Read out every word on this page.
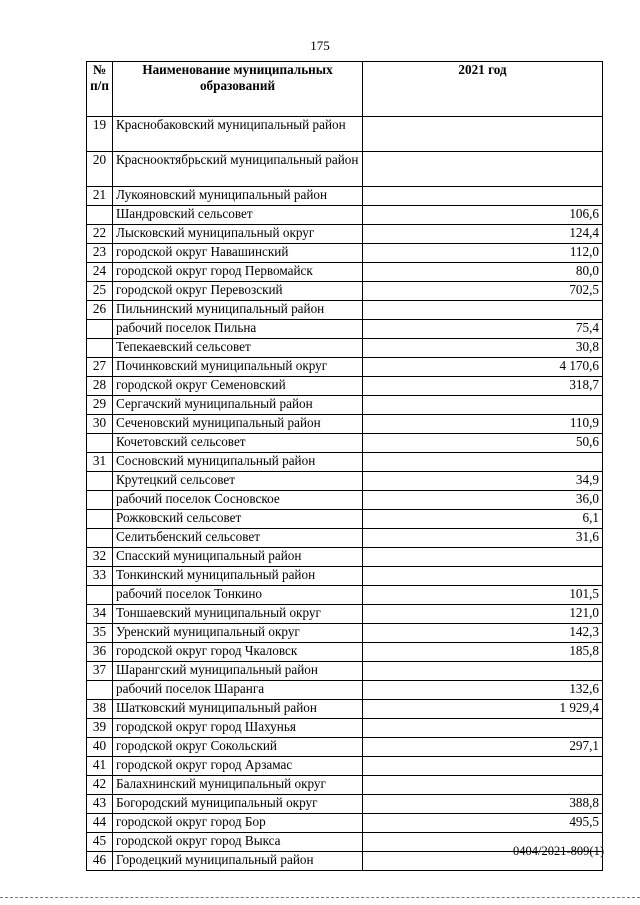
175
№ п/п	Наименование муниципальных образований	2021 год
19	Краснобаковский муниципальный район	
20	Краснооктябрьский муниципальный район	
21	Лукояновский муниципальный район	
	Шандровский сельсовет	106,6
22	Лысковский муниципальный округ	124,4
23	городской округ Навашинский	112,0
24	городской округ город Первомайск	80,0
25	городской округ Перевозский	702,5
26	Пильнинский муниципальный район	
	рабочий поселок Пильна	75,4
	Тепекаевский сельсовет	30,8
27	Починковский муниципальный округ	4 170,6
28	городской округ Семеновский	318,7
29	Сергачский муниципальный район	
30	Сеченовский муниципальный район	110,9
	Кочетовский сельсовет	50,6
31	Сосновский муниципальный район	
	Крутецкий сельсовет	34,9
	рабочий поселок Сосновское	36,0
	Рожковский сельсовет	6,1
	Селитьбенский сельсовет	31,6
32	Спасский муниципальный район	
33	Тонкинский муниципальный район	
	рабочий поселок Тонкино	101,5
34	Тоншаевский муниципальный округ	121,0
35	Уренский муниципальный округ	142,3
36	городской округ город Чкаловск	185,8
37	Шарангский муниципальный район	
	рабочий поселок Шаранга	132,6
38	Шатковский муниципальный район	1 929,4
39	городской округ город Шахунья	
40	городской округ Сокольский	297,1
41	городской округ город Арзамас	
42	Балахнинский муниципальный округ	
43	Богородский муниципальный округ	388,8
44	городской округ город Бор	495,5
45	городской округ город Выкса	
46	Городецкий муниципальный район	
0404/2021-809(1)
